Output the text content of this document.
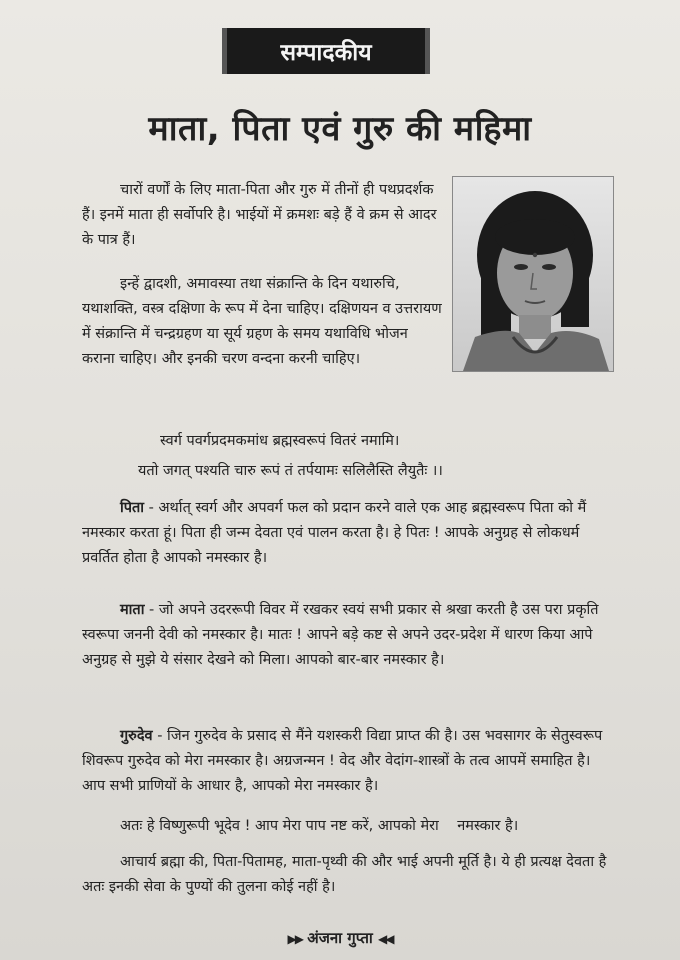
सम्पादकीय
माता, पिता एवं गुरु की महिमा
चारों वर्णों के लिए माता-पिता और गुरु में तीनों ही पथप्रदर्शक हैं। इनमें माता ही सर्वोपरि है। भाईयों में क्रमशः बड़े हैं वे क्रम से आदर के पात्र हैं।
इन्हें द्वादशी, अमावस्या तथा संक्रान्ति के दिन यथारुचि, यथाशक्ति, वस्त्र दक्षिणा के रूप में देना चाहिए। दक्षिणयन व उत्तरायण में संक्रान्ति में चन्द्रग्रहण या सूर्य ग्रहण के समय यथाविधि भोजन कराना चाहिए। और इनकी चरण वन्दना करनी चाहिए।
स्वर्ग पवर्गप्रदमकमांध ब्रह्मस्वरूपं वितरं नमामि।
यतो जगत् पश्यति चारु रूपं तं तर्पयामः सलिलैस्ति लैयुतैः ।।
पिता - अर्थात् स्वर्ग और अपवर्ग फल को प्रदान करने वाले एक आह ब्रह्मस्वरूप पिता को मैं नमस्कार करता हूं। पिता ही जन्म देवता एवं पालन करता है। हे पितः ! आपके अनुग्रह से लोकधर्म प्रवर्तित होता है आपको नमस्कार है।
माता - जो अपने उदररूपी विवर में रखकर स्वयं सभी प्रकार से श्रखा करती है उस परा प्रकृति स्वरूपा जननी देवी को नमस्कार है। मातः ! आपने बड़े कष्ट से अपने उदर-प्रदेश में धारण किया आपे अनुग्रह से मुझे ये संसार देखने को मिला। आपको बार-बार नमस्कार है।
गुरुदेव - जिन गुरुदेव के प्रसाद से मैंने यशस्करी विद्या प्राप्त की है। उस भवसागर के सेतुस्वरूप शिवरूप गुरुदेव को मेरा नमस्कार है। अग्रजन्मन ! वेद और वेदांग-शास्त्रों के तत्व आपमें समाहित है। आप सभी प्राणियों के आधार है, आपको मेरा नमस्कार है।
अतः हे विष्णुरूपी भूदेव ! आप मेरा पाप नष्ट करें, आपको मेरा    नमस्कार है।
आचार्य ब्रह्मा की, पिता-पितामह, माता-पृथ्वी की और भाई अपनी मूर्ति है। ये ही प्रत्यक्ष देवता है अतः इनकी सेवा के पुण्यों की तुलना कोई नहीं है।
▶▶ अंजना गुप्ता ◀◀
